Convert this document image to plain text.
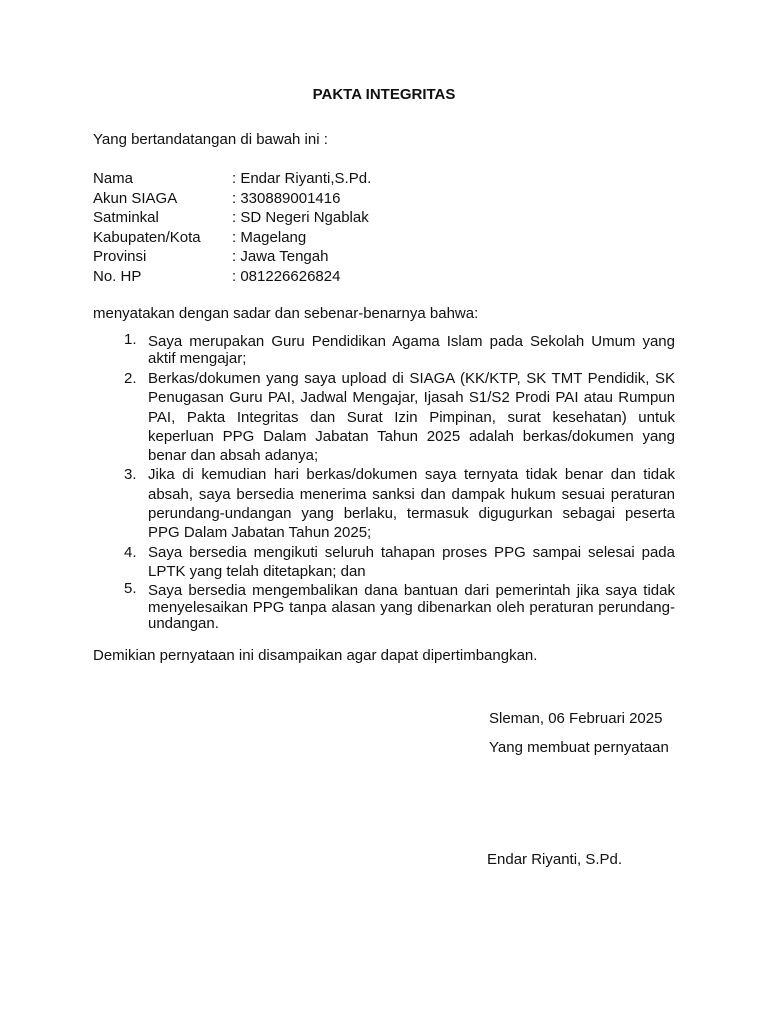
PAKTA INTEGRITAS
Yang bertandatangan di bawah ini :
Nama	: Endar Riyanti,S.Pd.
Akun SIAGA	: 330889001416
Satminkal	: SD Negeri Ngablak
Kabupaten/Kota	: Magelang
Provinsi	: Jawa Tengah
No. HP	: 081226626824
menyatakan dengan sadar dan sebenar-benarnya bahwa:
1. Saya merupakan Guru Pendidikan Agama Islam pada Sekolah Umum yang aktif mengajar;
2. Berkas/dokumen yang saya upload di SIAGA (KK/KTP, SK TMT Pendidik, SK Penugasan Guru PAI, Jadwal Mengajar, Ijasah S1/S2 Prodi PAI atau Rumpun PAI, Pakta Integritas dan Surat Izin Pimpinan, surat kesehatan) untuk keperluan PPG Dalam Jabatan Tahun 2025 adalah berkas/dokumen yang benar dan absah adanya;
3. Jika di kemudian hari berkas/dokumen saya ternyata tidak benar dan tidak absah, saya bersedia menerima sanksi dan dampak hukum sesuai peraturan perundang-undangan yang berlaku, termasuk digugurkan sebagai peserta PPG Dalam Jabatan Tahun 2025;
4. Saya bersedia mengikuti seluruh tahapan proses PPG sampai selesai pada LPTK yang telah ditetapkan; dan
5. Saya bersedia mengembalikan dana bantuan dari pemerintah jika saya tidak menyelesaikan PPG tanpa alasan yang dibenarkan oleh peraturan perundang-undangan.
Demikian pernyataan ini disampaikan agar dapat dipertimbangkan.
Sleman, 06 Februari 2025
Yang membuat pernyataan
Endar Riyanti, S.Pd.
